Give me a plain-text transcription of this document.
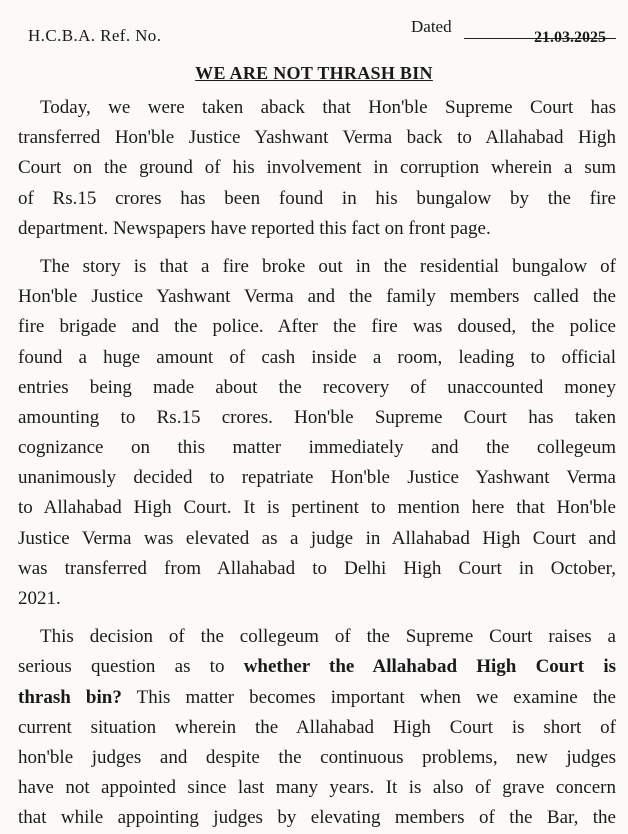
H.C.B.A. Ref. No.	Dated
21.03.2025
WE ARE NOT THRASH BIN
Today, we were taken aback that Hon'ble Supreme Court has
transferred Hon'ble Justice Yashwant Verma back to Allahabad High
Court on the ground of his involvement in corruption wherein a sum
of Rs.15 crores has been found in his bungalow by the fire
department. Newspapers have reported this fact on front page.
The story is that a fire broke out in the residential bungalow of
Hon'ble Justice Yashwant Verma and the family members called the
fire brigade and the police. After the fire was doused, the police
found a huge amount of cash inside a room, leading to official
entries being made about the recovery of unaccounted money
amounting to Rs.15 crores. Hon'ble Supreme Court has taken
cognizance on this matter immediately and the collegeum
unanimously decided to repatriate Hon'ble Justice Yashwant Verma
to Allahabad High Court. It is pertinent to mention here that Hon'ble
Justice Verma was elevated as a judge in Allahabad High Court and
was transferred from Allahabad to Delhi High Court in October,
2021.
This decision of the collegeum of the Supreme Court raises a
serious question as to whether the Allahabad High Court is
thrash bin? This matter becomes important when we examine the
current situation wherein the Allahabad High Court is short of
hon'ble judges and despite the continuous problems, new judges
have not appointed since last many years. It is also of grave concern
that while appointing judges by elevating members of the Bar, the
